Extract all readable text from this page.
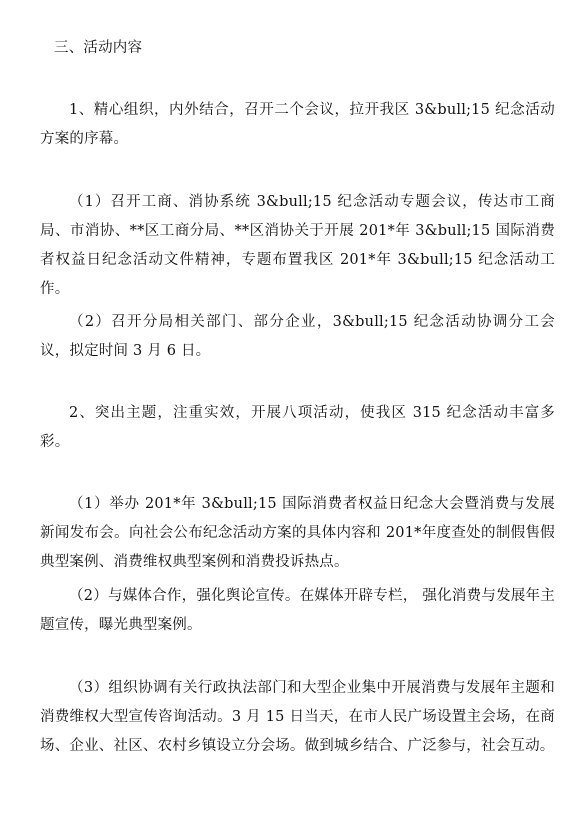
三、活动内容

1、精心组织，内外结合，召开二个会议，拉开我区 3&bull;15 纪念活动方案的序幕。

（1）召开工商、消协系统 3&bull;15 纪念活动专题会议，传达市工商局、市消协、**区工商分局、**区消协关于开展 201*年 3&bull;15 国际消费者权益日纪念活动文件精神，专题布置我区 201*年 3&bull;15 纪念活动工作。

（2）召开分局相关部门、部分企业，3&bull;15 纪念活动协调分工会议，拟定时间 3 月 6 日。

2、突出主题，注重实效，开展八项活动，使我区 315 纪念活动丰富多彩。

（1）举办 201*年 3&bull;15 国际消费者权益日纪念大会暨消费与发展新闻发布会。向社会公布纪念活动方案的具体内容和 201*年度查处的制假售假典型案例、消费维权典型案例和消费投诉热点。

（2）与媒体合作，强化舆论宣传。在媒体开辟专栏， 强化消费与发展年主题宣传，曝光典型案例。

（3）组织协调有关行政执法部门和大型企业集中开展消费与发展年主题和消费维权大型宣传咨询活动。3 月 15 日当天，在市人民广场设置主会场，在商场、企业、社区、农村乡镇设立分会场。做到城乡结合、广泛参与，社会互动。
